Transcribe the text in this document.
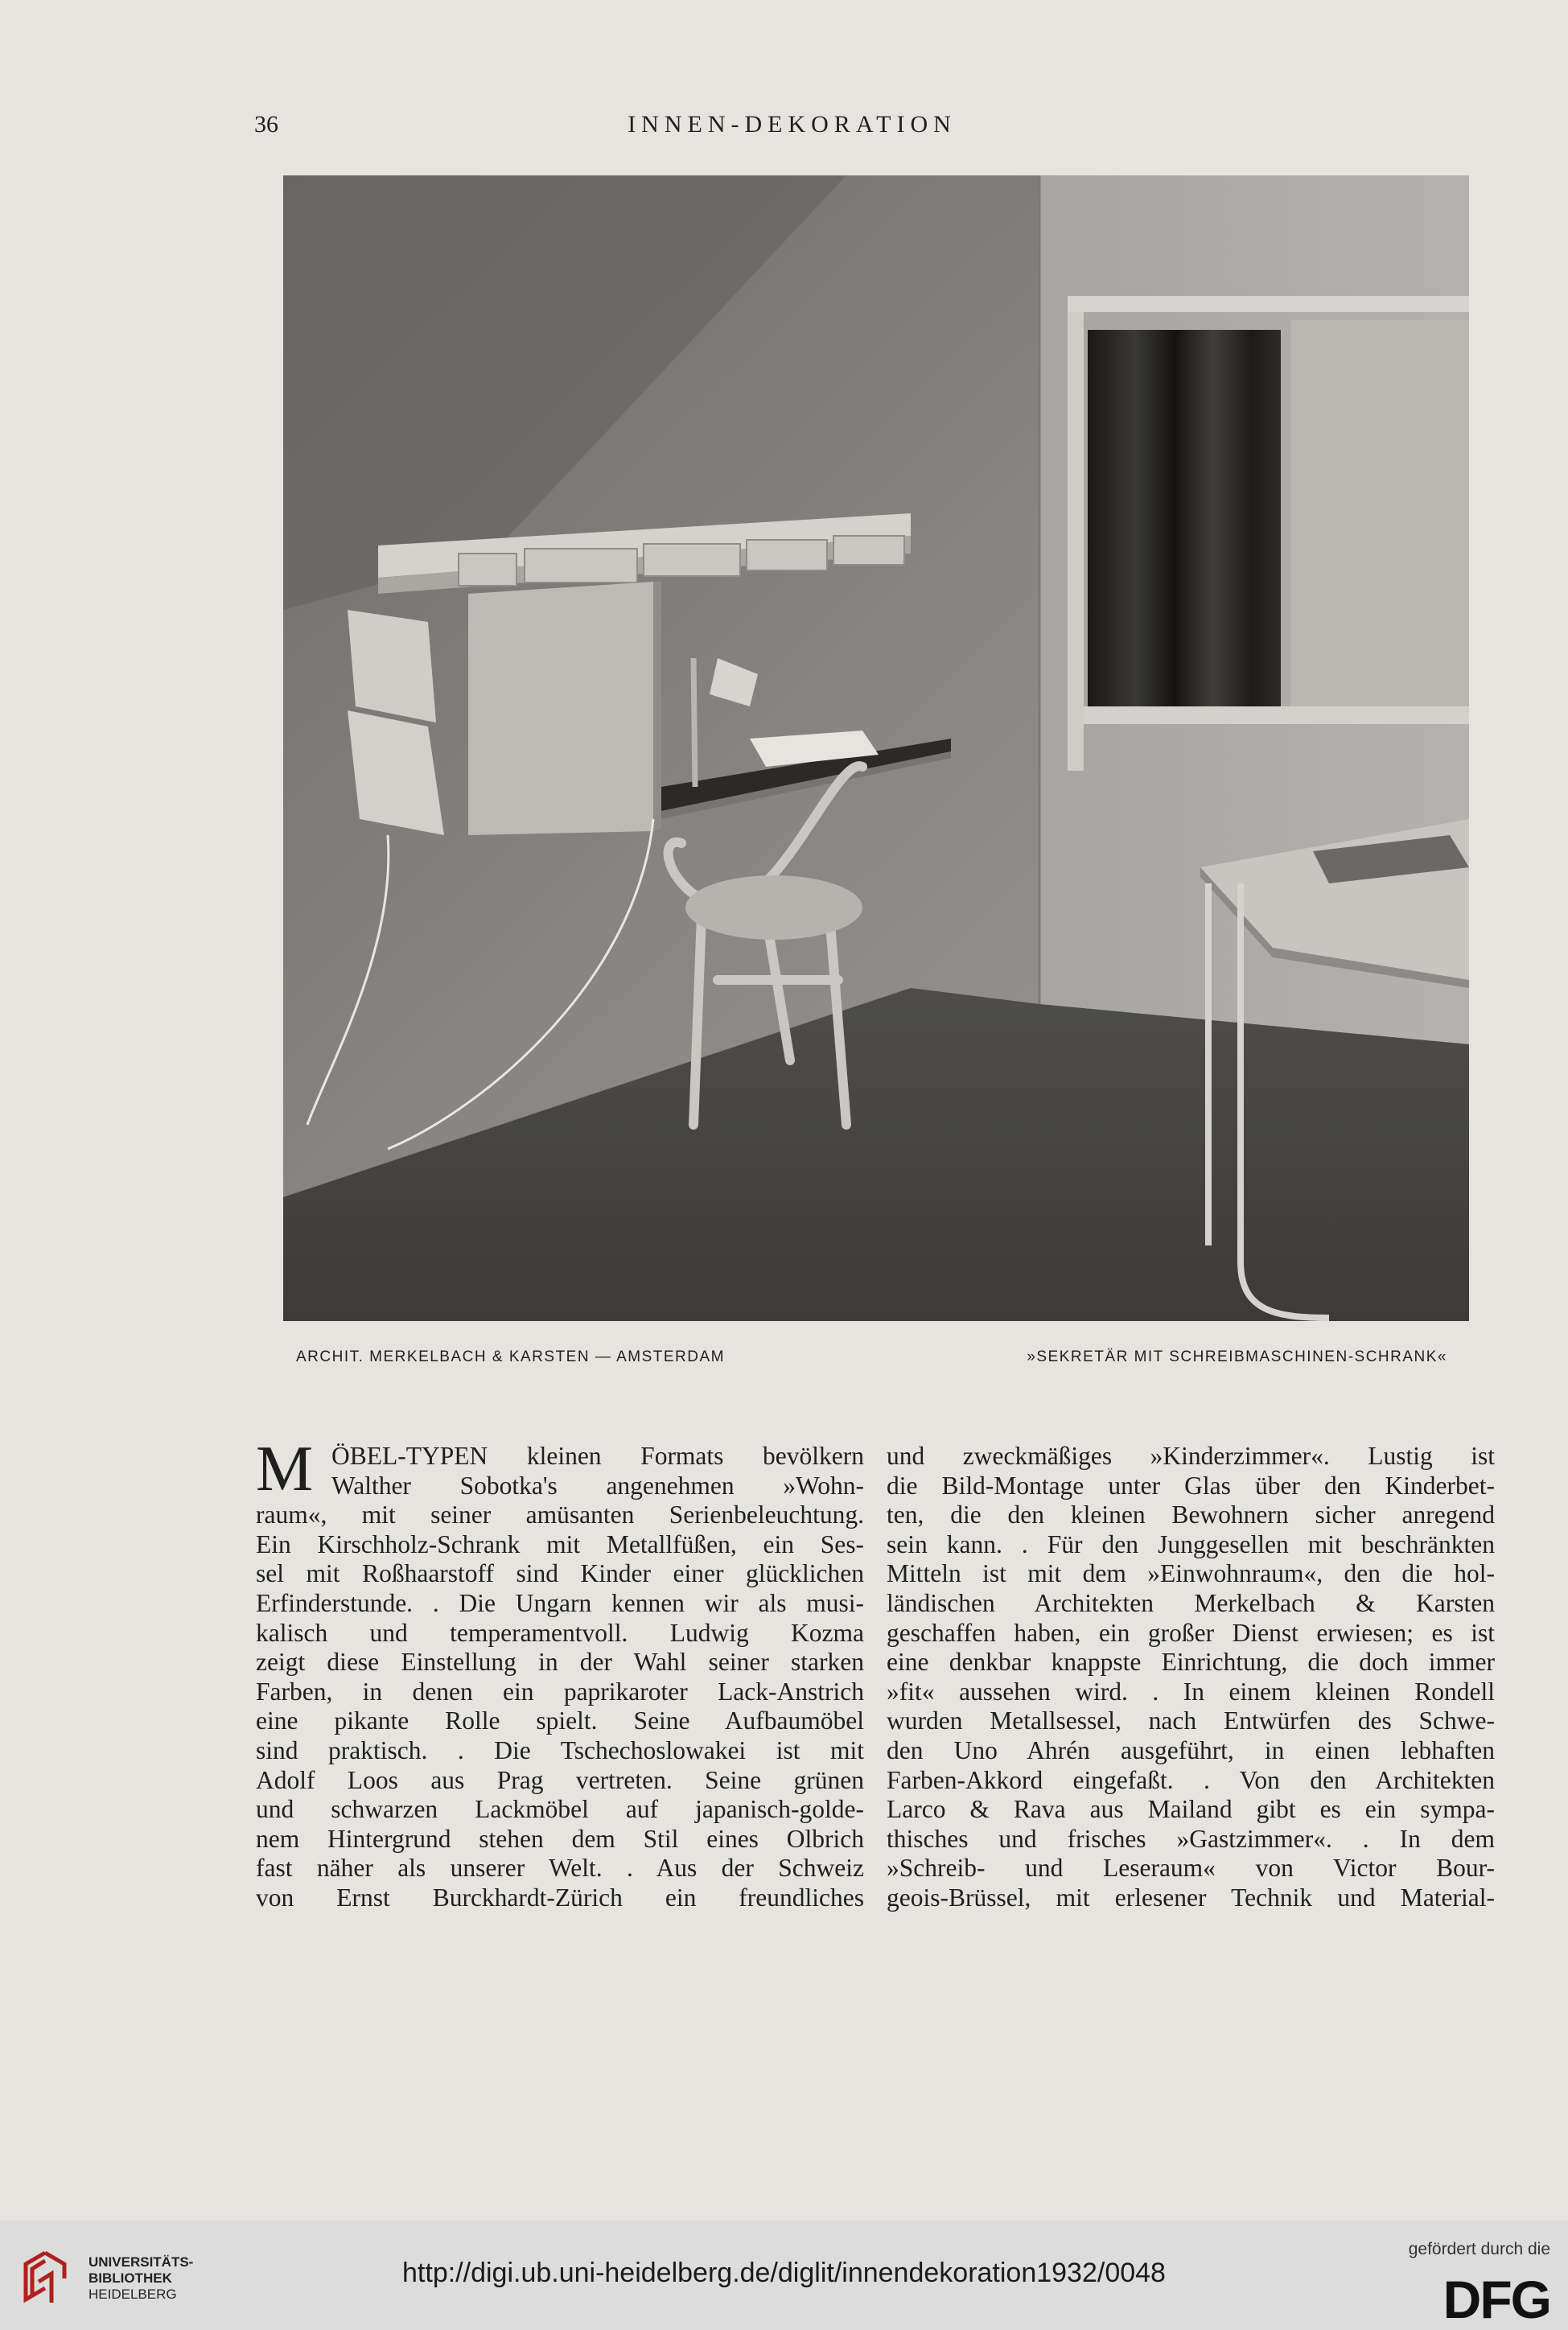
36	INNEN-DEKORATION
ARCHIT. MERKELBACH & KARSTEN — AMSTERDAM	»SEKRETÄR MIT SCHREIBMASCHINEN-SCHRANK«
M ÖBEL-TYPEN kleinen Formats bevölkern
Walther Sobotka's angenehmen »Wohn-
raum«, mit seiner amüsanten Serienbeleuchtung.
Ein Kirschholz-Schrank mit Metallfüßen, ein Ses-
sel mit Roßhaarstoff sind Kinder einer glücklichen
Erfinderstunde. . Die Ungarn kennen wir als musi-
kalisch und temperamentvoll. Ludwig Kozma
zeigt diese Einstellung in der Wahl seiner starken
Farben, in denen ein paprikaroter Lack-Anstrich
eine pikante Rolle spielt. Seine Aufbaumöbel
sind praktisch. . Die Tschechoslowakei ist mit
Adolf Loos aus Prag vertreten. Seine grünen
und schwarzen Lackmöbel auf japanisch-golde-
nem Hintergrund stehen dem Stil eines Olbrich
fast näher als unserer Welt. . Aus der Schweiz
von Ernst Burckhardt-Zürich ein freundliches
und zweckmäßiges »Kinderzimmer«. Lustig ist
die Bild-Montage unter Glas über den Kinderbet-
ten, die den kleinen Bewohnern sicher anregend
sein kann. . Für den Junggesellen mit beschränkten
Mitteln ist mit dem »Einwohnraum«, den die hol-
ländischen Architekten Merkelbach & Karsten
geschaffen haben, ein großer Dienst erwiesen; es ist
eine denkbar knappste Einrichtung, die doch immer
»fit« aussehen wird. . In einem kleinen Rondell
wurden Metallsessel, nach Entwürfen des Schwe-
den Uno Ahrén ausgeführt, in einen lebhaften
Farben-Akkord eingefaßt. . Von den Architekten
Larco & Rava aus Mailand gibt es ein sympa-
thisches und frisches »Gastzimmer«. . In dem
»Schreib- und Leseraum« von Victor Bour-
geois-Brüssel, mit erlesener Technik und Material-
UNIVERSITÄTS-
BIBLIOTHEK
HEIDELBERG
http://digi.ub.uni-heidelberg.de/diglit/innendekoration1932/0048
gefördert durch die
DFG
